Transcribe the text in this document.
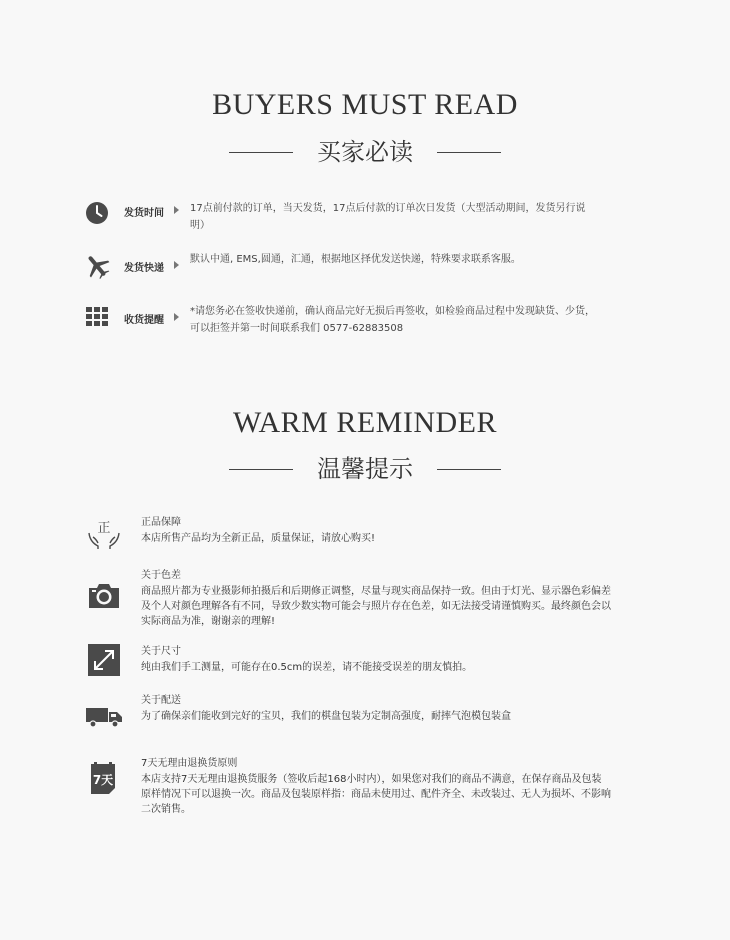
BUYERS MUST READ
买家必读
发货时间	17点前付款的订单，当天发货，17点后付款的订单次日发货（大型活动期间，发货另行说明）
发货快递
默认中通, EMS,圆通，汇通，根据地区择优发送快递，特殊要求联系客服。
收货提醒
*请您务必在签收快递前，确认商品完好无损后再签收，如检验商品过程中发现缺货、少货，可以拒签并第一时间联系我们 0577-62883508
WARM REMINDER
温馨提示
正	正品保障
本店所售产品均为全新正品，质量保证，请放心购买!
关于色差
商品照片都为专业摄影师拍摄后和后期修正调整，尽量与现实商品保持一致。但由于灯光、显示器色彩偏差及个人对颜色理解各有不同，导致少数实物可能会与照片存在色差，如无法接受请谨慎购买。最终颜色会以实际商品为准，谢谢亲的理解!
关于尺寸
纯由我们手工测量，可能存在0.5cm的误差，请不能接受误差的朋友慎拍。
关于配送
为了确保亲们能收到完好的宝贝，我们的棋盘包装为定制高强度，耐摔气泡模包装盒
7天
7天无理由退换货原则
本店支持7天无理由退换货服务（签收后起168小时内），如果您对我们的商品不满意，在保存商品及包装原样情况下可以退换一次。商品及包装原样指：商品未使用过、配件齐全、未改装过、无人为损坏、不影响二次销售。
